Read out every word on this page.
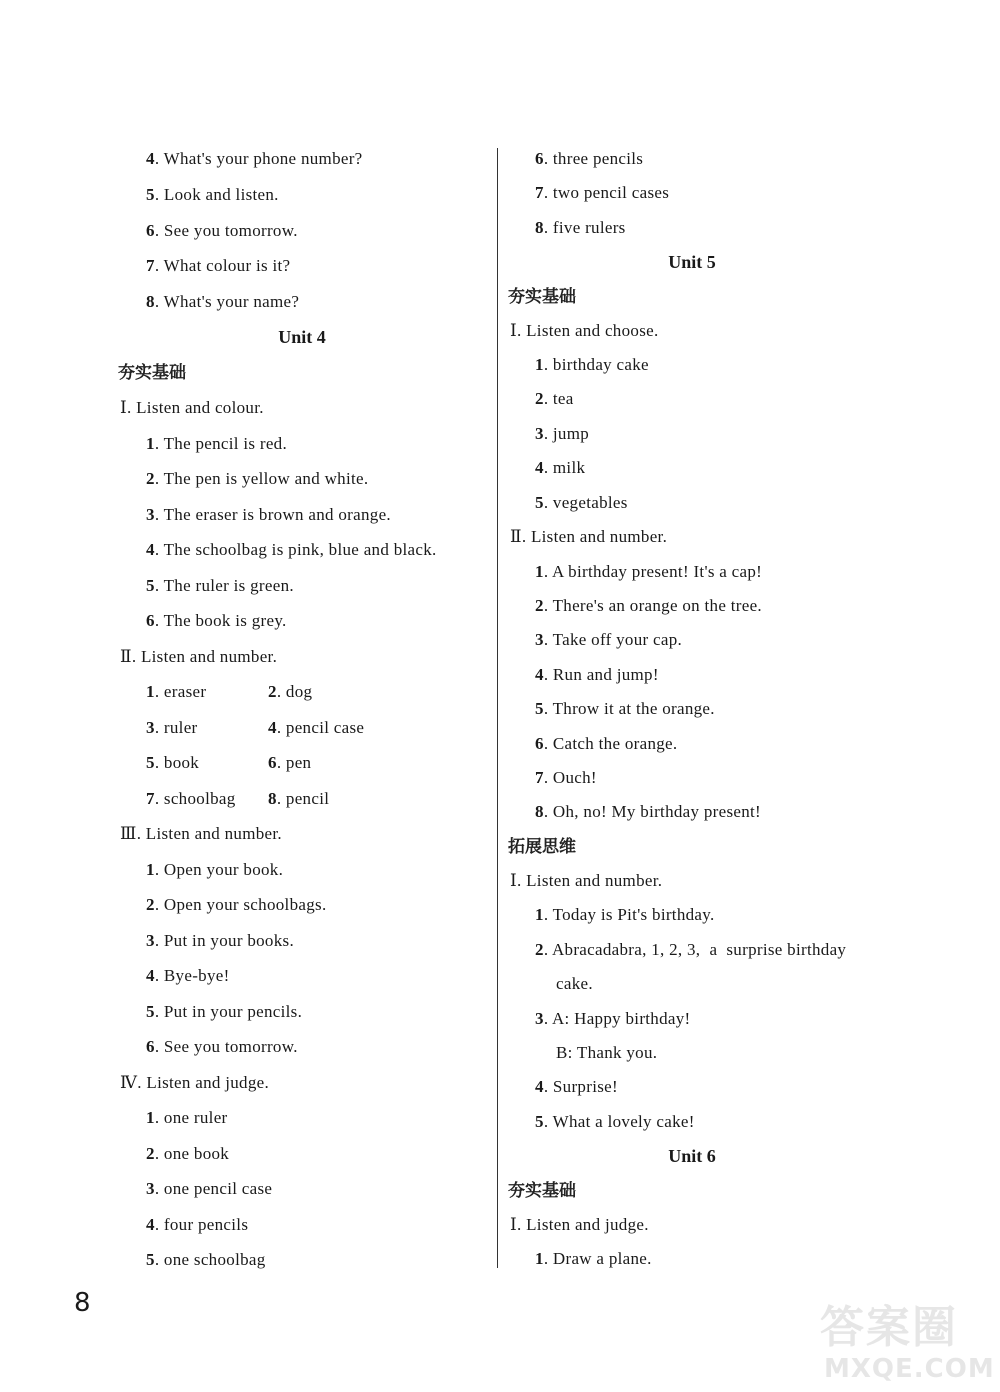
4. What's your phone number?
5. Look and listen.
6. See you tomorrow.
7. What colour is it?
8. What's your name?
Unit 4
夯实基础
Ⅰ. Listen and colour.
1. The pencil is red.
2. The pen is yellow and white.
3. The eraser is brown and orange.
4. The schoolbag is pink, blue and black.
5. The ruler is green.
6. The book is grey.
Ⅱ. Listen and number.
1. eraser	2. dog
3. ruler	4. pencil case
5. book	6. pen
7. schoolbag 8. pencil
Ⅲ. Listen and number.
1. Open your book.
2. Open your schoolbags.
3. Put in your books.
4. Bye-bye!
5. Put in your pencils.
6. See you tomorrow.
Ⅳ. Listen and judge.
1. one ruler
2. one book
3. one pencil case
4. four pencils
5. one schoolbag
6. three pencils
7. two pencil cases
8. five rulers
Unit 5
夯实基础
Ⅰ. Listen and choose.
1. birthday cake
2. tea
3. jump
4. milk
5. vegetables
Ⅱ. Listen and number.
1. A birthday present! It's a cap!
2. There's an orange on the tree.
3. Take off your cap.
4. Run and jump!
5. Throw it at the orange.
6. Catch the orange.
7. Ouch!
8. Oh, no! My birthday present!
拓展思维
Ⅰ. Listen and number.
1. Today is Pit's birthday.
2. Abracadabra, 1, 2, 3,  a  surprise birthday
cake.
3. A: Happy birthday!
B: Thank you.
4. Surprise!
5. What a lovely cake!
Unit 6
夯实基础
Ⅰ. Listen and judge.
1. Draw a plane.
8	答案圈
MXQE.COM
